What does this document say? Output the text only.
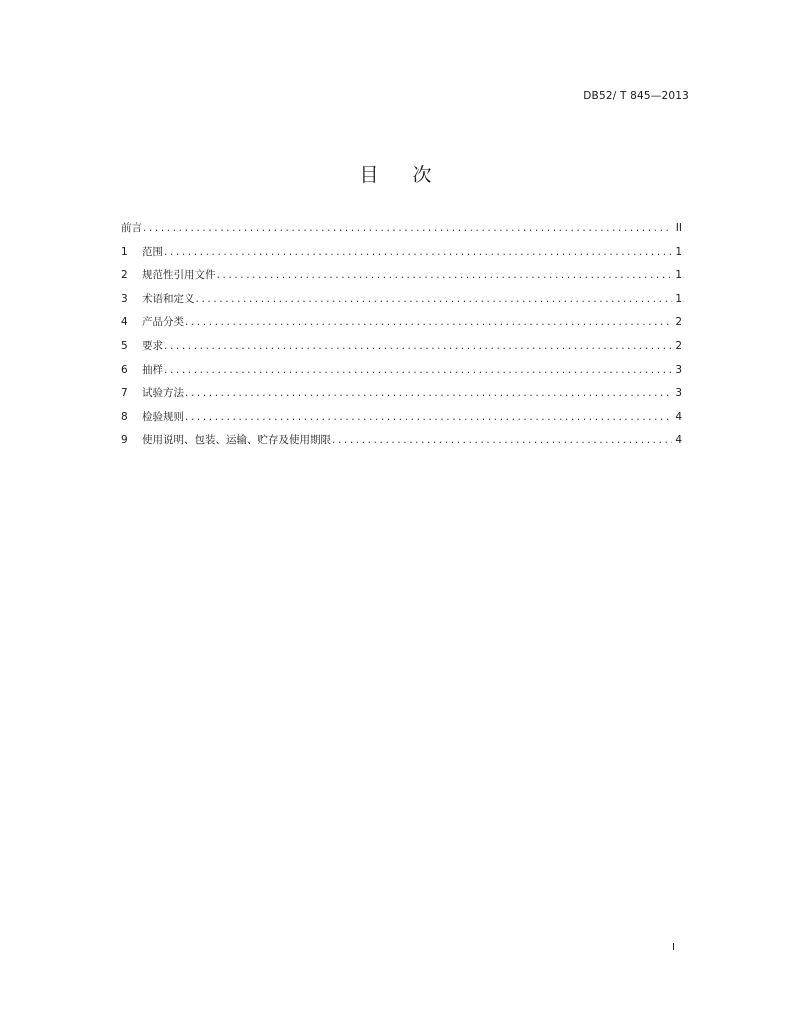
DB52/ T 845—2013
目 次
前言 .....	II
1	范围 .....	1
2	规范性引用文件 .....	1
3	术语和定义 .....	1
4	产品分类 .....	2
5	要求 .....	2
6	抽样 .....	3
7	试验方法 .....	3
8	检验规则 .....	4
9	使用说明、包装、运输、贮存及使用期限 .....	4
I
